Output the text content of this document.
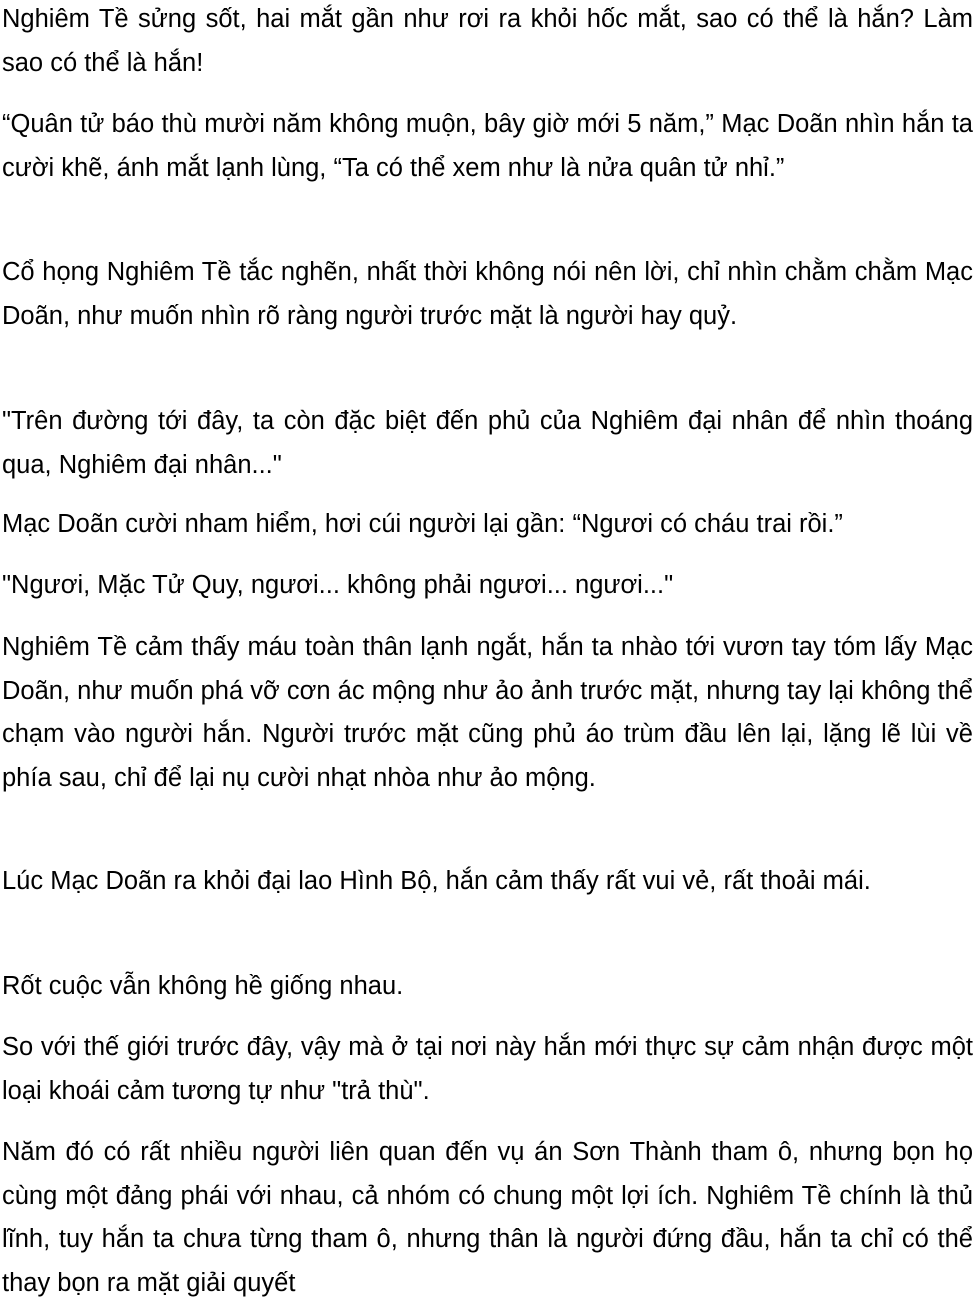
Nghiêm Tề sửng sốt, hai mắt gần như rơi ra khỏi hốc mắt, sao có thể là hắn? Làm sao có thể là hắn!

“Quân tử báo thù mười năm không muộn, bây giờ mới 5 năm,” Mạc Doãn nhìn hắn ta cười khẽ, ánh mắt lạnh lùng, “Ta có thể xem như là nửa quân tử nhỉ.”

Cổ họng Nghiêm Tề tắc nghẽn, nhất thời không nói nên lời, chỉ nhìn chằm chằm Mạc Doãn, như muốn nhìn rõ ràng người trước mặt là người hay quỷ.

"Trên đường tới đây, ta còn đặc biệt đến phủ của Nghiêm đại nhân để nhìn thoáng qua, Nghiêm đại nhân..."

Mạc Doãn cười nham hiểm, hơi cúi người lại gần: “Ngươi có cháu trai rồi.”

"Ngươi, Mặc Tử Quy, ngươi... không phải ngươi... ngươi..."

Nghiêm Tề cảm thấy máu toàn thân lạnh ngắt, hắn ta nhào tới vươn tay tóm lấy Mạc Doãn, như muốn phá vỡ cơn ác mộng như ảo ảnh trước mặt, nhưng tay lại không thể chạm vào người hắn. Người trước mặt cũng phủ áo trùm đầu lên lại, lặng lẽ lùi về phía sau, chỉ để lại nụ cười nhạt nhòa như ảo mộng.

Lúc Mạc Doãn ra khỏi đại lao Hình Bộ, hắn cảm thấy rất vui vẻ, rất thoải mái.

Rốt cuộc vẫn không hề giống nhau.

So với thế giới trước đây, vậy mà ở tại nơi này hắn mới thực sự cảm nhận được một loại khoái cảm tương tự như "trả thù".

Năm đó có rất nhiều người liên quan đến vụ án Sơn Thành tham ô, nhưng bọn họ cùng một đảng phái với nhau, cả nhóm có chung một lợi ích. Nghiêm Tề chính là thủ lĩnh, tuy hắn ta chưa từng tham ô, nhưng thân là người đứng đầu, hắn ta chỉ có thể thay bọn ra mặt giải quyết
